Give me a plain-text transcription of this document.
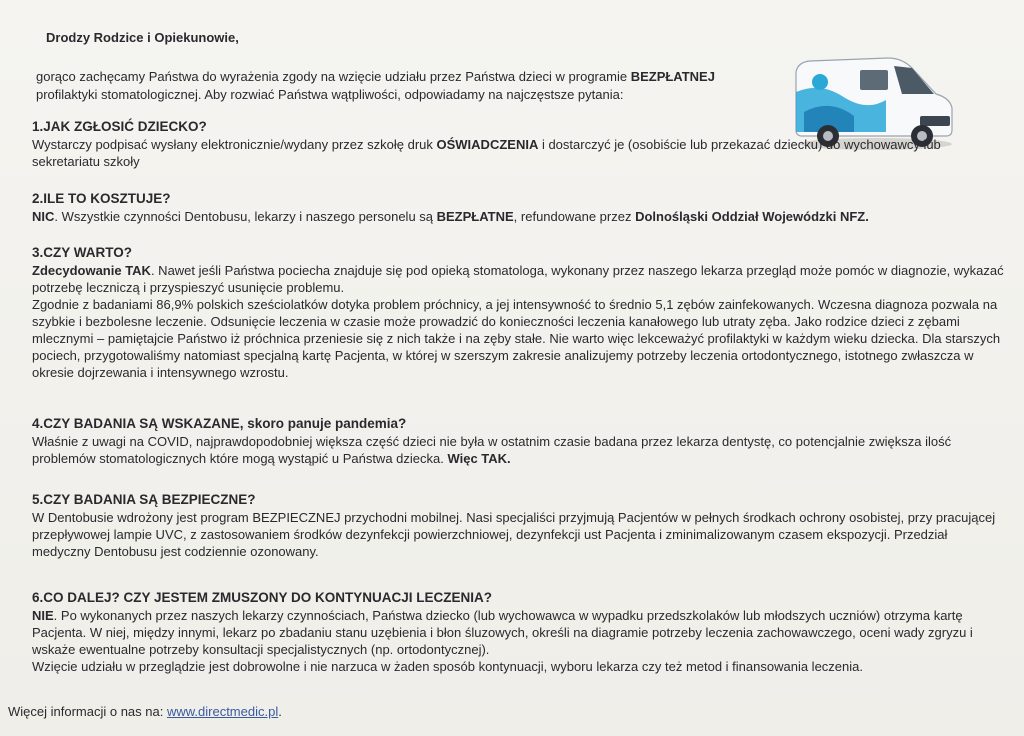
Drodzy Rodzice i Opiekunowie,
gorąco zachęcamy Państwa do wyrażenia zgody na wzięcie udziału przez Państwa dzieci w programie BEZPŁATNEJ profilaktyki stomatologicznej. Aby rozwiać Państwa wątpliwości, odpowiadamy na najczęstsze pytania:
1.JAK ZGŁOSIĆ DZIECKO?

Wystarczy podpisać wysłany elektronicznie/wydany przez szkołę druk OŚWIADCZENIA i dostarczyć je (osobiście lub przekazać dziecku) do wychowawcy lub sekretariatu szkoły

2.ILE TO KOSZTUJE?

NIC. Wszystkie czynności Dentobusu, lekarzy i naszego personelu są BEZPŁATNE, refundowane przez Dolnośląski Oddział Wojewódzki NFZ.

3.CZY WARTO?

Zdecydowanie TAK. Nawet jeśli Państwa pociecha znajduje się pod opieką stomatologa, wykonany przez naszego lekarza przegląd może pomóc w diagnozie, wykazać potrzebę leczniczą i przyspieszyć usunięcie problemu.

Zgodnie z badaniami 86,9% polskich sześciolatków dotyka problem próchnicy, a jej intensywność to średnio 5,1 zębów zainfekowanych. Wczesna diagnoza pozwala na szybkie i bezbolesne leczenie. Odsunięcie leczenia w czasie może prowadzić do konieczności leczenia kanałowego lub utraty zęba. Jako rodzice dzieci z zębami mlecznymi – pamiętajcie Państwo iż próchnica przeniesie się z nich także i na zęby stałe. Nie warto więc lekceważyć profilaktyki w każdym wieku dziecka. Dla starszych pociech, przygotowaliśmy natomiast specjalną kartę Pacjenta, w której w szerszym zakresie analizujemy potrzeby leczenia ortodontycznego, istotnego zwłaszcza w okresie dojrzewania i intensywnego wzrostu.

4.CZY BADANIA SĄ WSKAZANE, skoro panuje pandemia?

Właśnie z uwagi na COVID, najprawdopodobniej większa część dzieci nie była w ostatnim czasie badana przez lekarza dentystę, co potencjalnie zwiększa ilość problemów stomatologicznych które mogą wystąpić u Państwa dziecka. Więc TAK.

5.CZY BADANIA SĄ BEZPIECZNE?

W Dentobusie wdrożony jest program BEZPIECZNEJ przychodni mobilnej. Nasi specjaliści przyjmują Pacjentów w pełnych środkach ochrony osobistej, przy pracującej przepływowej lampie UVC, z zastosowaniem środków dezynfekcji powierzchniowej, dezynfekcji ust Pacjenta i zminimalizowanym czasem ekspozycji. Przedział medyczny Dentobusu jest codziennie ozonowany.

6.CO DALEJ? CZY JESTEM ZMUSZONY DO KONTYNUACJI LECZENIA?

NIE. Po wykonanych przez naszych lekarzy czynnościach, Państwa dziecko (lub wychowawca w wypadku przedszkolaków lub młodszych uczniów) otrzyma kartę Pacjenta. W niej, między innymi, lekarz po zbadaniu stanu uzębienia i błon śluzowych, określi na diagramie potrzeby leczenia zachowawczego, oceni wady zgryzu i wskaże ewentualne potrzeby konsultacji specjalistycznych (np. ortodontycznej).

Wzięcie udziału w przeglądzie jest dobrowolne i nie narzuca w żaden sposób kontynuacji, wyboru lekarza czy też metod i finansowania leczenia.

Więcej informacji o nas na: www.directmedic.pl.
